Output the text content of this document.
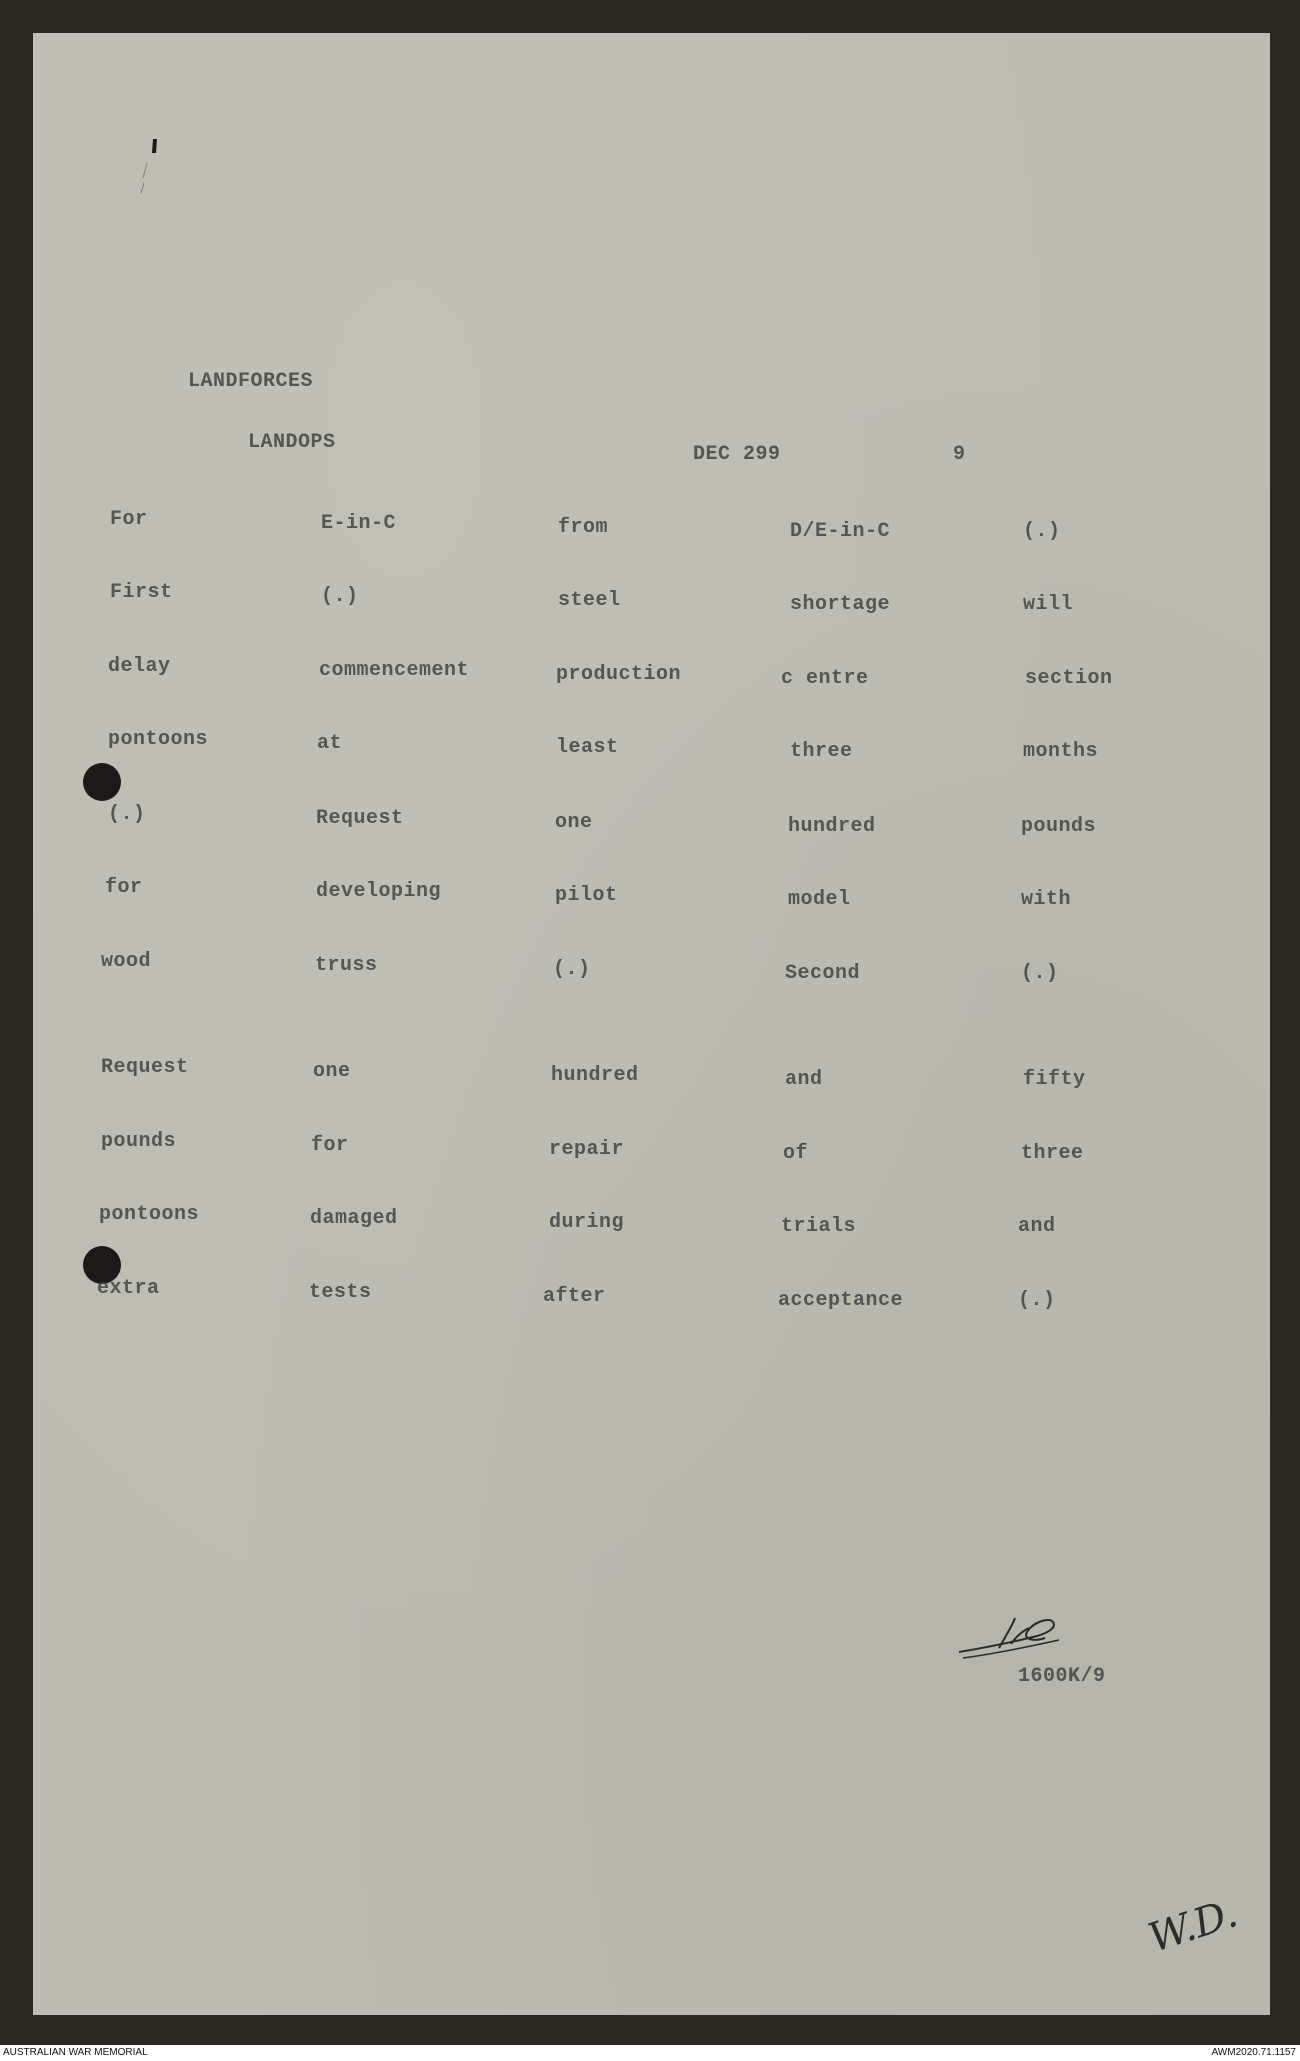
LANDFORCES
LANDOPS
DEC 299	9
For	E-in-C	from	D/E-in-C	(.)
First	(.)	steel	shortage	will
delay	commencement	production	c entre	section
pontoons	at	least	three	months
(.)	Request	one	hundred	pounds
for	developing	pilot	model	with
wood	truss	(.)	Second	(.)
Request	one	hundred	and	fifty
pounds	for	repair	of	three
pontoons	damaged	during	trials	and
extra	tests	after	acceptance	(.)
1600K/9
W.D.
AUSTRALIAN WAR MEMORIAL	AWM2020.71.1157
